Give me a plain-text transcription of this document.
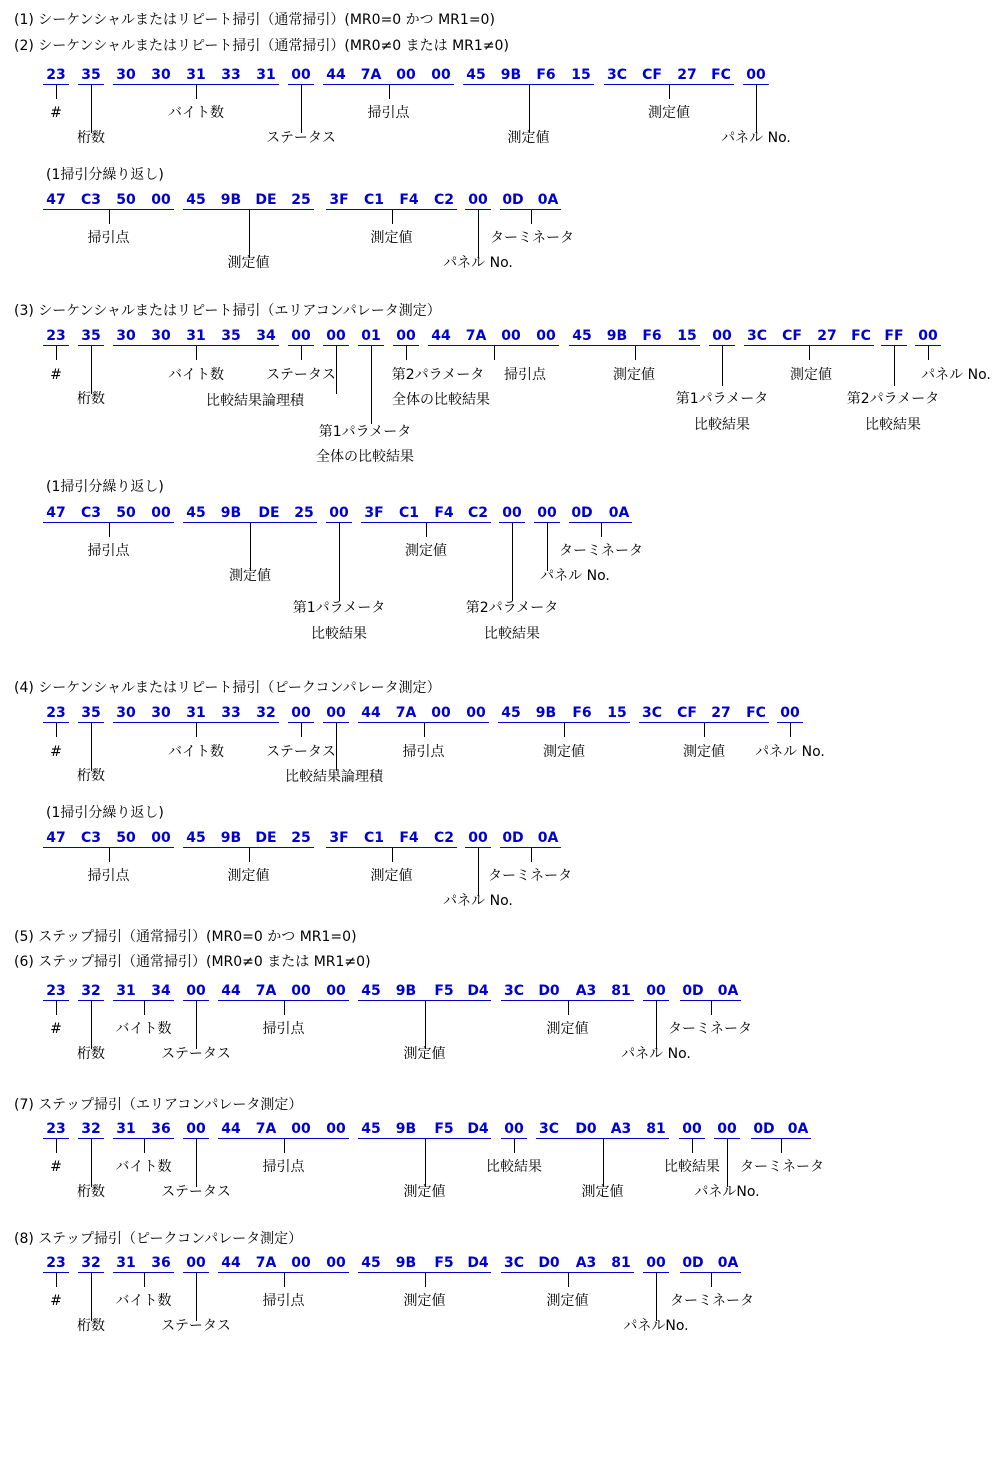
(1) シーケンシャルまたはリピート掃引（通常掃引）(MR0=0 かつ MR1=0)
(2) シーケンシャルまたはリピート掃引（通常掃引）(MR0≠0 または MR1≠0)
(3) シーケンシャルまたはリピート掃引（エリアコンパレータ測定）
(4) シーケンシャルまたはリピート掃引（ピークコンパレータ測定）
(5) ステップ掃引（通常掃引）(MR0=0 かつ MR1=0)
(6) ステップ掃引（通常掃引）(MR0≠0 または MR1≠0)
(7) ステップ掃引（エリアコンパレータ測定）
(8) ステップ掃引（ピークコンパレータ測定）
(1掃引分繰り返し)
(1掃引分繰り返し)
(1掃引分繰り返し)
23 35 30 30 31 33 31 00 44 7A 00 00 45 9B F6 15 3C CF 27 FC 00
#
桁数
バイト数
ステータス
掃引点
測定値
測定値
パネル No.
47 C3 50 00 45 9B DE 25 3F C1 F4 C2 00 0D 0A
掃引点
測定値
測定値
パネル No.
ターミネータ
23 35 30 30 31 35 34 00 00 01 00 44 7A 00 00 45 9B F6 15 00 3C CF 27 FC FF 00
#
桁数
バイト数	ステータス
比較結果論理積
第1パラメータ
第2パラメータ 掃引点	測定値
第1パラメータ
測定値
第2パラメータ
パネル No.
全体の比較結果
全体の比較結果
比較結果	比較結果
47 C3 50 00 45 9B DE 25 00 3F C1 F4 C2 00 00 0D 0A
掃引点
測定値
第1パラメータ
測定値
第2パラメータ
パネル No.
ターミネータ
比較結果	比較結果
23 35 30 30 31 33 32 00 00 44 7A 00 00 45 9B F6 15 3C CF 27 FC 00
#
桁数
バイト数	ステータス
比較結果論理積
掃引点	測定値	測定値 パネル No.
47 C3 50 00 45 9B DE 25 3F C1 F4 C2 00 0D 0A
掃引点	測定値	測定値
パネル No.
ターミネータ
23 32 31 34 00 44 7A 00 00 45 9B F5 D4 3C D0 A3 81 00 0D 0A
#
桁数
バイト数
ステータス
掃引点
測定値
測定値
パネル No.
ターミネータ
23 32 31 36 00 44 7A 00 00 45 9B F5 D4 00 3C D0 A3 81 00 00 0D 0A
#
桁数
バイト数
ステータス
掃引点
測定値
比較結果
測定値
比較結果
パネルNo.
ターミネータ
23 32 31 36 00 44 7A 00 00 45 9B F5 D4 3C D0 A3 81 00 0D 0A
#
桁数
バイト数
ステータス
掃引点	測定値	測定値
パネルNo.
ターミネータ
